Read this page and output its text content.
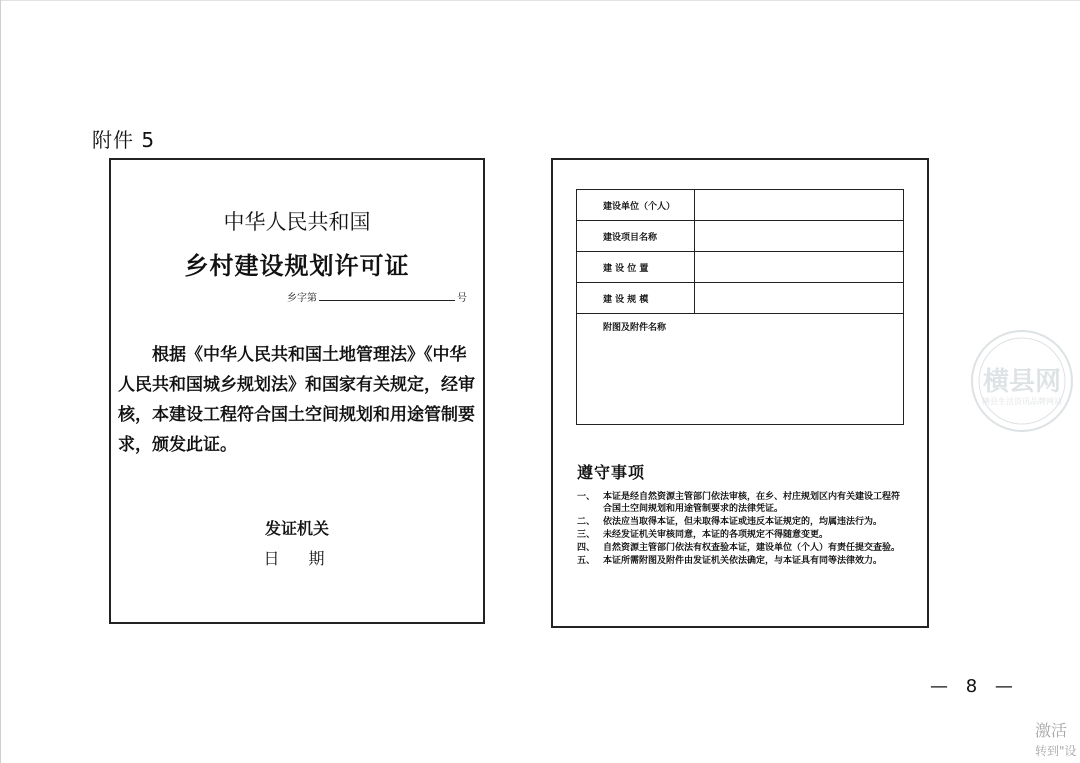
附件 5
中华人民共和国
乡村建设规划许可证
乡字第	号
根据《中华人民共和国土地管理法》《中华人民共和国城乡规划法》和国家有关规定，经审核，本建设工程符合国土空间规划和用途管制要求，颁发此证。
发证机关
日 期
建设单位（个人）	
建设项目名称	
建 设 位 置	
建 设 规 模	
附图及附件名称	
遵守事项
一、 本证是经自然资源主管部门依法审核，在乡、村庄规划区内有关建设工程符合国土空间规划和用途管制要求的法律凭证。
二、 依法应当取得本证，但未取得本证或违反本证规定的，均属违法行为。
三、 未经发证机关审核同意，本证的各项规定不得随意变更。
四、 自然资源主管部门依法有权查验本证，建设单位（个人）有责任提交查验。
五、 本证所需附图及附件由发证机关依法确定，与本证具有同等法律效力。
— 8 —
横县网
横县生活资讯品牌网站
激活
转到"设
